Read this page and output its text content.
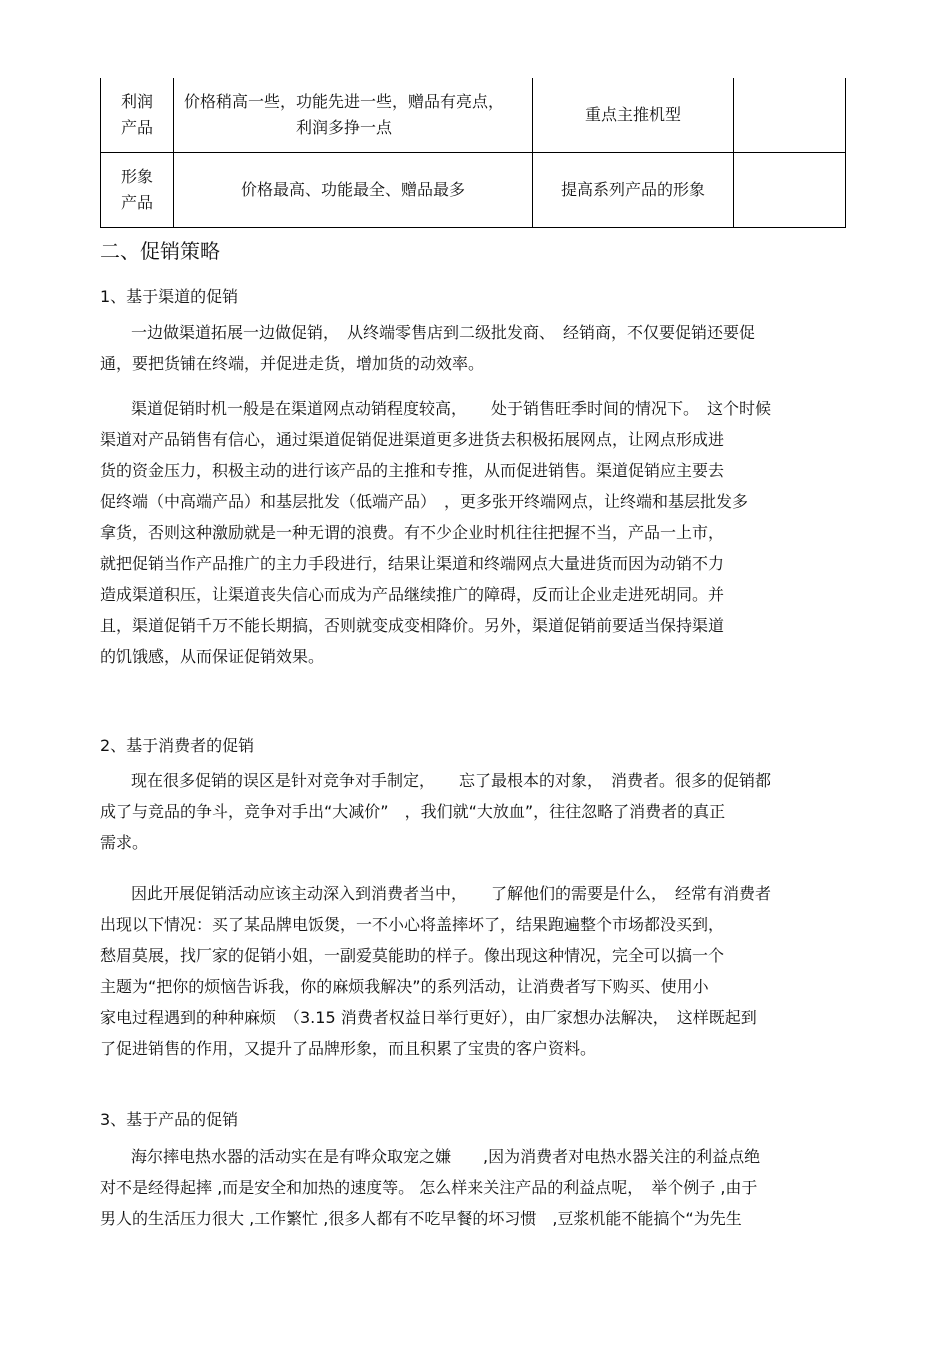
利润产品	价格稍高一些，功能先进一些，赠品有亮点，利润多挣一点	重点主推机型	

形象产品	价格最高、功能最全、赠品最多	提高系列产品的形象	

二、促销策略
1、基于渠道的促销
一边做渠道拓展一边做促销，　从终端零售店到二级批发商、　经销商，不仅要促销还要促
通，要把货铺在终端，并促进走货，增加货的动效率。
渠道促销时机一般是在渠道网点动销程度较高，　　处于销售旺季时间的情况下。　这个时候
渠道对产品销售有信心，通过渠道促销促进渠道更多进货去积极拓展网点，让网点形成进
货的资金压力，积极主动的进行该产品的主推和专推，从而促进销售。渠道促销应主要去
促终端（中高端产品）和基层批发（低端产品）　，更多张开终端网点，让终端和基层批发多
拿货，否则这种激励就是一种无谓的浪费。有不少企业时机往往把握不当，产品一上市，
就把促销当作产品推广的主力手段进行，结果让渠道和终端网点大量进货而因为动销不力
造成渠道积压，让渠道丧失信心而成为产品继续推广的障碍，反而让企业走进死胡同。并
且，渠道促销千万不能长期搞，否则就变成变相降价。另外，渠道促销前要适当保持渠道
的饥饿感，从而保证促销效果。
2、基于消费者的促销
现在很多促销的误区是针对竞争对手制定，　　忘了最根本的对象，　消费者。很多的促销都
成了与竞品的争斗，竞争对手出“大减价”　，我们就“大放血”，往往忽略了消费者的真正
需求。
因此开展促销活动应该主动深入到消费者当中，　　了解他们的需要是什么，　经常有消费者
出现以下情况：买了某品牌电饭煲，一不小心将盖摔坏了，结果跑遍整个市场都没买到，
愁眉莫展，找厂家的促销小姐，一副爱莫能助的样子。像出现这种情况，完全可以搞一个
主题为“把你的烦恼告诉我，你的麻烦我解决”的系列活动，让消费者写下购买、使用小
家电过程遇到的种种麻烦　（3.15 消费者权益日举行更好），由厂家想办法解决，　这样既起到
了促进销售的作用，又提升了品牌形象，而且积累了宝贵的客户资料。
3、基于产品的促销
海尔摔电热水器的活动实在是有哗众取宠之嫌　　,因为消费者对电热水器关注的利益点绝
对不是经得起摔 ,而是安全和加热的速度等。 怎么样来关注产品的利益点呢，　举个例子 ,由于
男人的生活压力很大 ,工作繁忙 ,很多人都有不吃早餐的坏习惯　,豆浆机能不能搞个“为先生
